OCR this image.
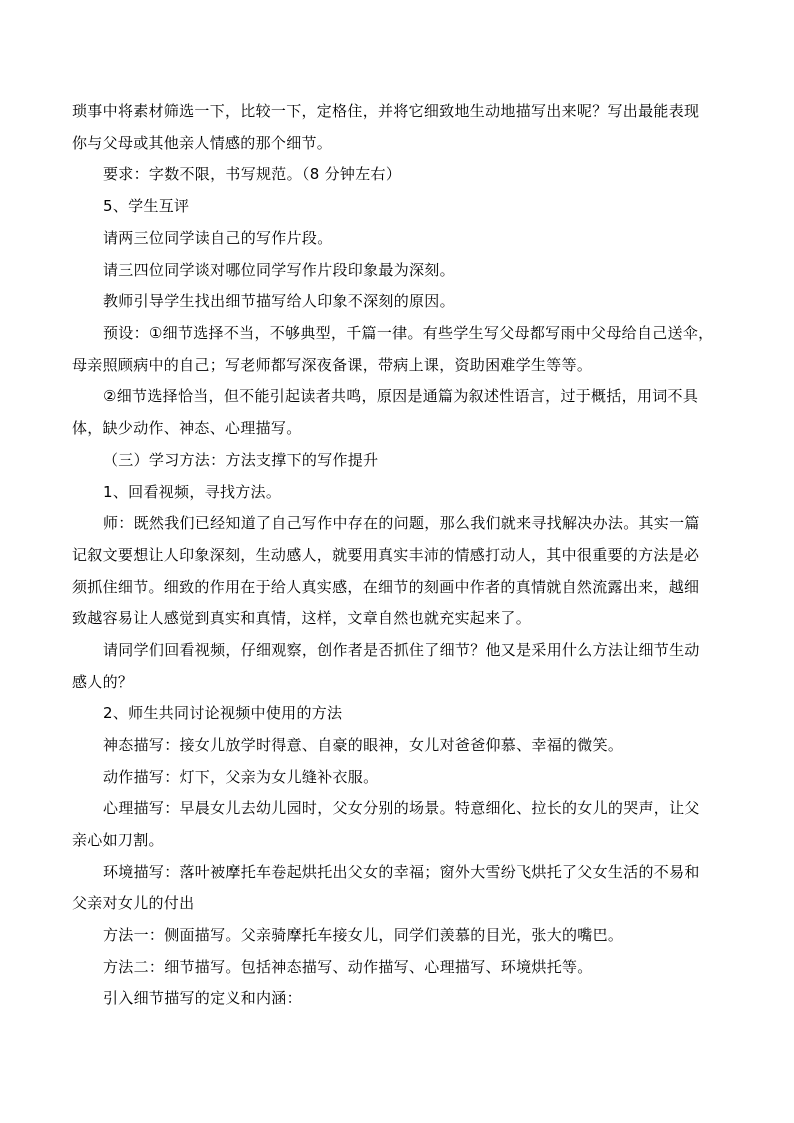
琐事中将素材筛选一下，比较一下，定格住，并将它细致地生动地描写出来呢？写出最能表现
你与父母或其他亲人情感的那个细节。
要求：字数不限，书写规范。（8 分钟左右）
5、学生互评
请两三位同学读自己的写作片段。
请三四位同学谈对哪位同学写作片段印象最为深刻。
教师引导学生找出细节描写给人印象不深刻的原因。
预设：①细节选择不当，不够典型，千篇一律。有些学生写父母都写雨中父母给自己送伞，
母亲照顾病中的自己；写老师都写深夜备课，带病上课，资助困难学生等等。
②细节选择恰当，但不能引起读者共鸣，原因是通篇为叙述性语言，过于概括，用词不具
体，缺少动作、神态、心理描写。
（三）学习方法：方法支撑下的写作提升
1、回看视频，寻找方法。
师：既然我们已经知道了自己写作中存在的问题，那么我们就来寻找解决办法。其实一篇
记叙文要想让人印象深刻，生动感人，就要用真实丰沛的情感打动人，其中很重要的方法是必
须抓住细节。细致的作用在于给人真实感，在细节的刻画中作者的真情就自然流露出来，越细
致越容易让人感觉到真实和真情，这样，文章自然也就充实起来了。
请同学们回看视频，仔细观察，创作者是否抓住了细节？他又是采用什么方法让细节生动
感人的？
2、师生共同讨论视频中使用的方法
神态描写：接女儿放学时得意、自豪的眼神，女儿对爸爸仰慕、幸福的微笑。
动作描写：灯下，父亲为女儿缝补衣服。
心理描写：早晨女儿去幼儿园时，父女分别的场景。特意细化、拉长的女儿的哭声，让父
亲心如刀割。
环境描写：落叶被摩托车卷起烘托出父女的幸福；窗外大雪纷飞烘托了父女生活的不易和
父亲对女儿的付出
方法一：侧面描写。父亲骑摩托车接女儿，同学们羡慕的目光，张大的嘴巴。
方法二：细节描写。包括神态描写、动作描写、心理描写、环境烘托等。
引入细节描写的定义和内涵：
